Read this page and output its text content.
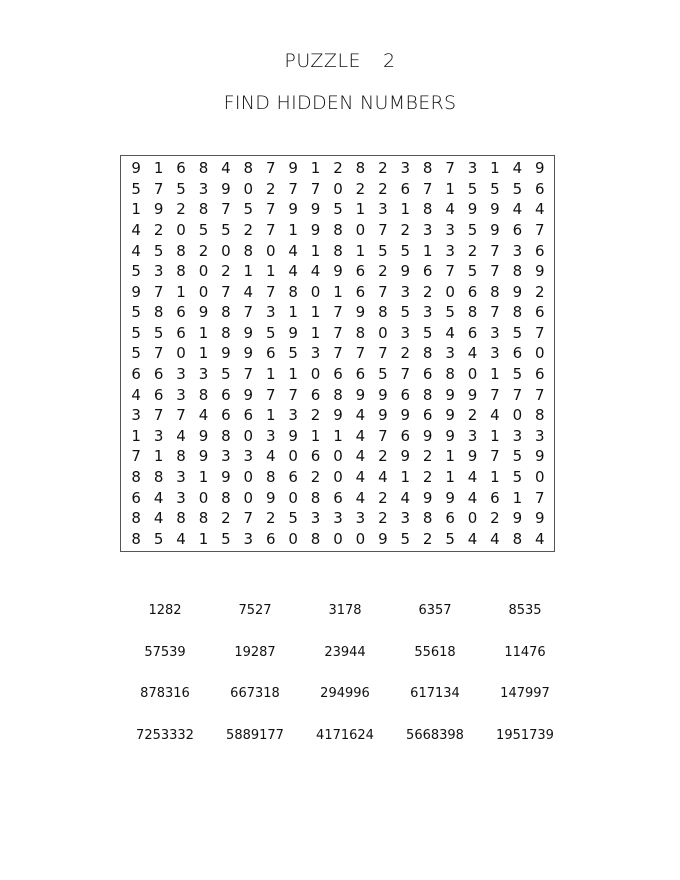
PUZZLE 2
FIND HIDDEN NUMBERS
9 1 6 8 4 8 7 9 1 2 8 2 3 8 7 3 1 4 9
5 7 5 3 9 0 2 7 7 0 2 2 6 7 1 5 5 5 6
1 9 2 8 7 5 7 9 9 5 1 3 1 8 4 9 9 4 4
4 2 0 5 5 2 7 1 9 8 0 7 2 3 3 5 9 6 7
4 5 8 2 0 8 0 4 1 8 1 5 5 1 3 2 7 3 6
5 3 8 0 2 1 1 4 4 9 6 2 9 6 7 5 7 8 9
9 7 1 0 7 4 7 8 0 1 6 7 3 2 0 6 8 9 2
5 8 6 9 8 7 3 1 1 7 9 8 5 3 5 8 7 8 6
5 5 6 1 8 9 5 9 1 7 8 0 3 5 4 6 3 5 7
5 7 0 1 9 9 6 5 3 7 7 7 2 8 3 4 3 6 0
6 6 3 3 5 7 1 1 0 6 6 5 7 6 8 0 1 5 6
4 6 3 8 6 9 7 7 6 8 9 9 6 8 9 9 7 7 7
3 7 7 4 6 6 1 3 2 9 4 9 9 6 9 2 4 0 8
1 3 4 9 8 0 3 9 1 1 4 7 6 9 9 3 1 3 3
7 1 8 9 3 3 4 0 6 0 4 2 9 2 1 9 7 5 9
8 8 3 1 9 0 8 6 2 0 4 4 1 2 1 4 1 5 0
6 4 3 0 8 0 9 0 8 6 4 2 4 9 9 4 6 1 7
8 4 8 8 2 7 2 5 3 3 3 2 3 8 6 0 2 9 9
8 5 4 1 5 3 6 0 8 0 0 9 5 2 5 4 4 8 4
1282	7527	3178	6357	8535
57539	19287	23944	55618	11476
878316	667318	294996	617134	147997
7253332	5889177	4171624	5668398	1951739
